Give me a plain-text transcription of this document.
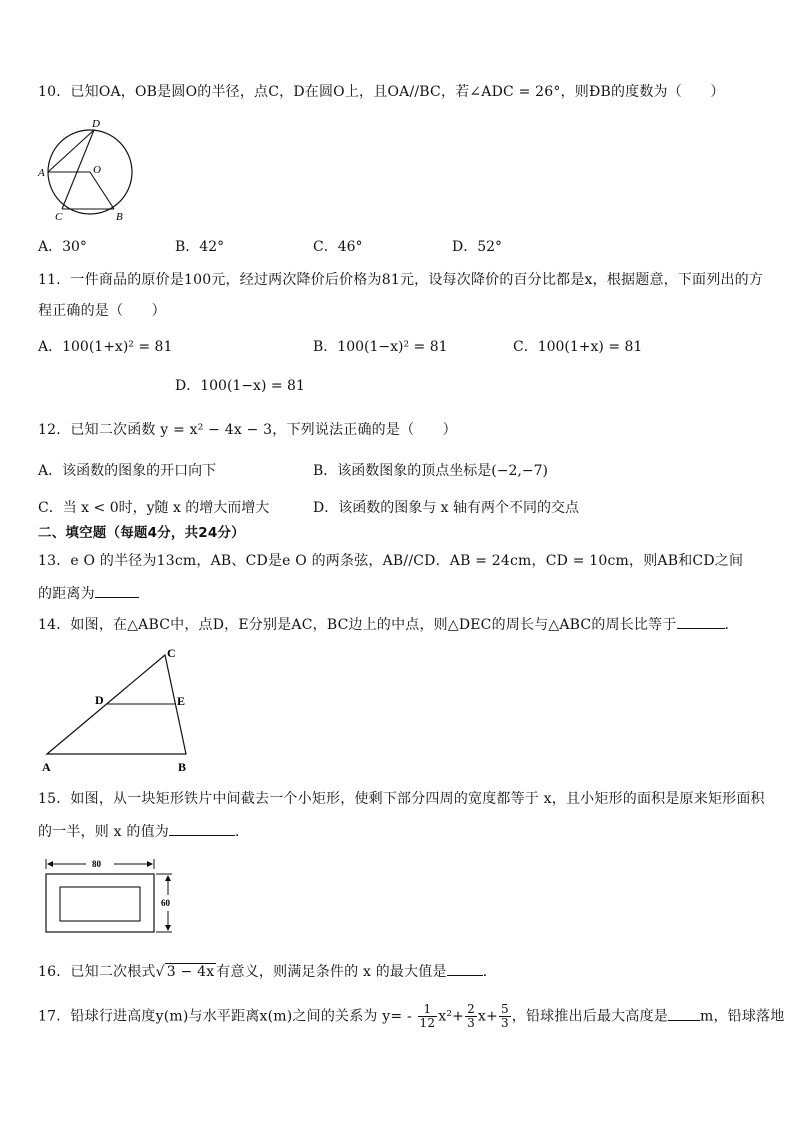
10．已知OA，OB是圆O的半径，点C，D在圆O上，且OA//BC，若∠ADC = 26°，则ÐB的度数为（　　）
D
A	O
C	B
A．30°	B．42°	C．46°	D．52°
11．一件商品的原价是100元，经过两次降价后价格为81元，设每次降价的百分比都是x，根据题意，下面列出的方
程正确的是（　　）
A．100(1+x)² = 81	B．100(1−x)² = 81	C．100(1+x) = 81
D．100(1−x) = 81
12．已知二次函数 y = x² − 4x − 3，下列说法正确的是（　　）
A．该函数的图象的开口向下	B．该函数图象的顶点坐标是(−2,−7)
C．当 x < 0时，y随 x 的增大而增大	D．该函数的图象与 x 轴有两个不同的交点
二、填空题（每题4分，共24分）
13．e O 的半径为13cm，AB、CD是e O 的两条弦，AB//CD．AB = 24cm，CD = 10cm，则AB和CD之间
的距离为
14．如图，在△ABC中，点D，E分别是AC，BC边上的中点，则△DEC的周长与△ABC的周长比等于	．
C
D	E
A	B
15．如图，从一块矩形铁片中间截去一个小矩形，使剩下部分四周的宽度都等于 x，且小矩形的面积是原来矩形面积
的一半，则 x 的值为	．
80
60
16．已知二次根式√ 3 − 4x 有意义，则满足条件的 x 的最大值是	．
17．铅球行进高度y(m)与水平距离x(m)之间的关系为 $y= - \frac{1}{12} x^2+ \frac{2}{3} x+ \frac{5}{3}$ ，铅球推出后最大高度是 m，铅球落地
